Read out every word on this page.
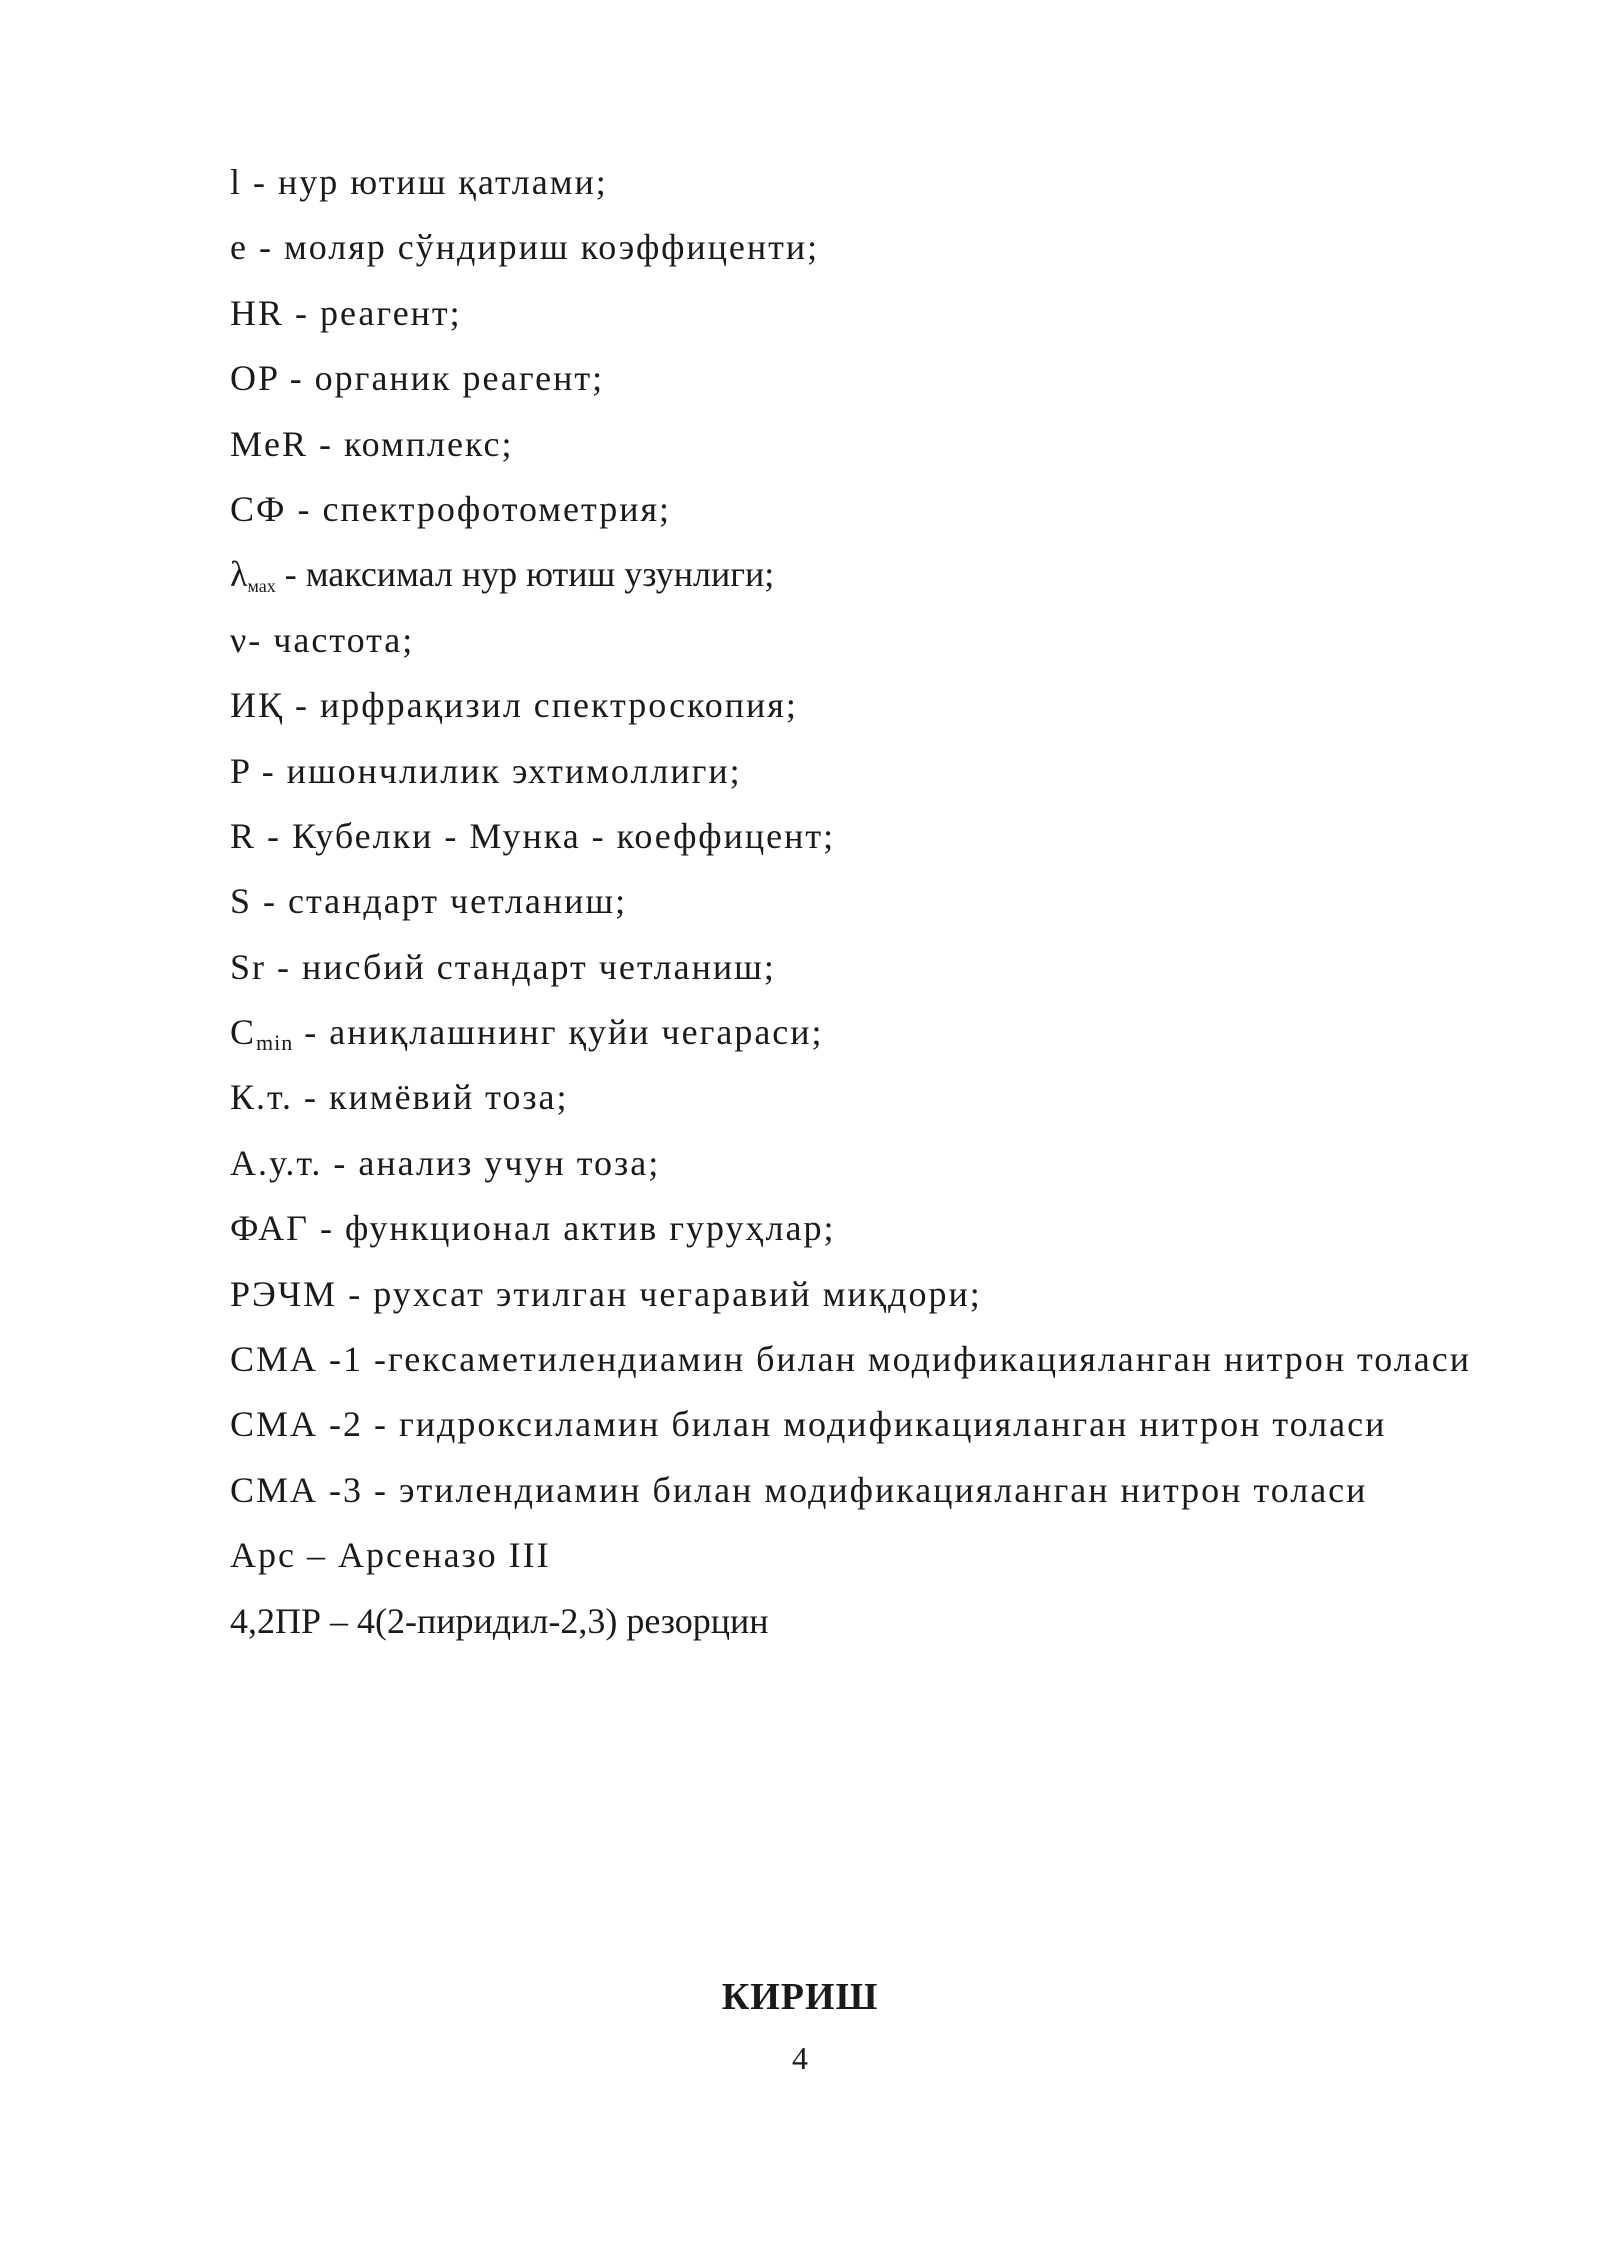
l - нур ютиш қатлами;
e - моляр сўндириш коэффиценти;
HR - реагент;
OP - органик реагент;
MeR - комплекс;
СФ - спектрофотометрия;
$\lambda_{мах}$ - максимал нур ютиш узунлиги;
ν- частота;
ИҚ - ирфрақизил спектроскопия;
P - ишончлилик эхтимоллиги;
R - Кубелки - Мунка - коеффицент;
S - стандарт четланиш;
Sr - нисбий стандарт четланиш;
$C_{min}$ - аниқлашнинг қуйи чегараси;
К.т. - кимёвий тоза;
А.у.т. - анализ учун тоза;
ФАГ - функционал актив гуруҳлар;
РЭЧМ - рухсат этилган чегаравий миқдори;
СМА -1 -гексаметилендиамин билан модификацияланган нитрон толаси
СМА -2 - гидроксиламин билан модификацияланган нитрон толаси
СМА -3 - этилендиамин билан модификацияланган нитрон толаси
Арс – Арсеназо III
4,2ПР – 4(2-пиридил-2,3) резорцин
КИРИШ
4
